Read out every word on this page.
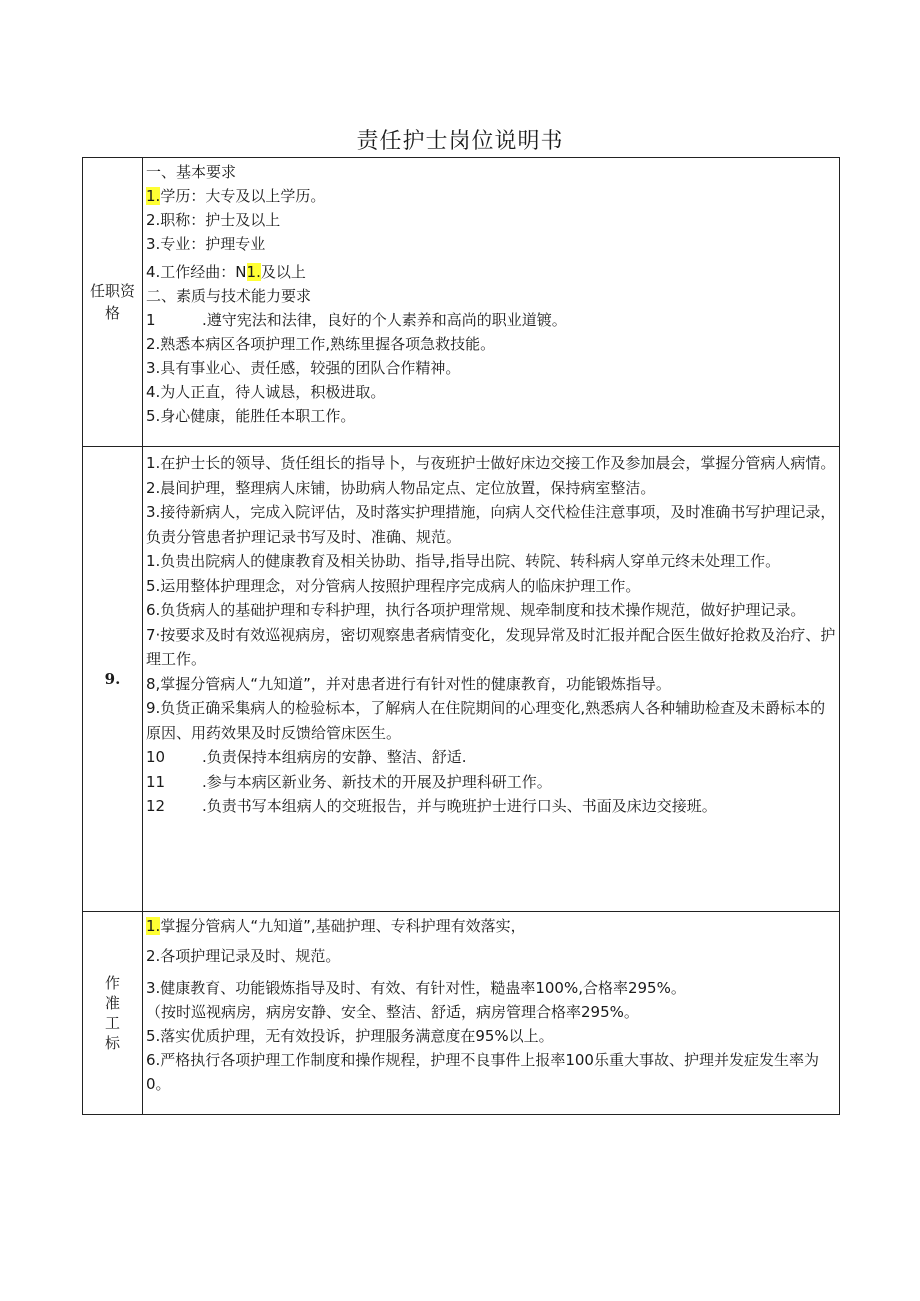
责任护士岗位说明书
任职资格
一、基本要求
1.学历：大专及以上学历。
2.职称：护士及以上
3.专业：护理专业
4.工作经曲：N1.及以上
二、素质与技术能力要求
1	.遵守宪法和法律，良好的个人素养和高尚的职业道镀。
2.熟悉本病区各项护理工作,熟练里握各项急救技能。
3.具有事业心、责任感，较强的团队合作精神。
4.为人正直，待人诚恳，积极进取。
5.身心健康，能胜任本职工作。
9.
1.在护士长的领导、货任组长的指导卜，与夜班护士做好床边交接工作及参加晨会，掌握分管病人病情。
2.晨间护理，整理病人床铺，协助病人物品定点、定位放置，保持病室整洁。
3.接待新病人，完成入院评估，及时落实护理措施，向病人交代检佳注意事项，及时准确书写护理记录，负责分管患者护理记录书写及时、准确、规范。
1.负贵出院病人的健康教育及相关协助、指导,指导出院、转院、转科病人穿单元终未处理工作。
5.运用整体护理理念，对分管病人按照护理程序完成病人的临床护理工作。
6.负货病人的基础护理和专科护理，执行各项护理常规、规牵制度和技术操作规范，做好护理记录。
7·按要求及时有效巡视病房，密切观察患者病情变化，发现异常及时汇报并配合医生做好抢救及治疗、护理工作。
8,掌握分管病人“九知道”，并对患者进行有针对性的健康教育，功能锻炼指导。
9.负货正确采集病人的检验标本，了解病人在住院期间的心理变化,熟悉病人各种辅助检查及未爵标本的原因、用药效果及时反馈给管床医生。
10 .负责保持本组病房的安静、整洁、舒适.
11 .参与本病区新业务、新技术的开展及护理科研工作。
12 .负责书写本组病人的交班报告，并与晚班护士进行口头、书面及床边交接班。
作准工标
1.掌握分管病人“九知道”,基础护理、专科护理有效落实，
2.各项护理记录及时、规范。
3.健康教育、功能锻炼指导及时、有效、有针对性，糙蛊率100%,合格率295%。
（按时巡视病房，病房安静、安全、整洁、舒适，病房管理合格率295%。
5.落实优质护理，无有效投诉，护理服务满意度在95%以上。
6.严格执行各项护理工作制度和操作规程，护理不良事件上报率100乐重大事故、护理并发症发生率为0。
